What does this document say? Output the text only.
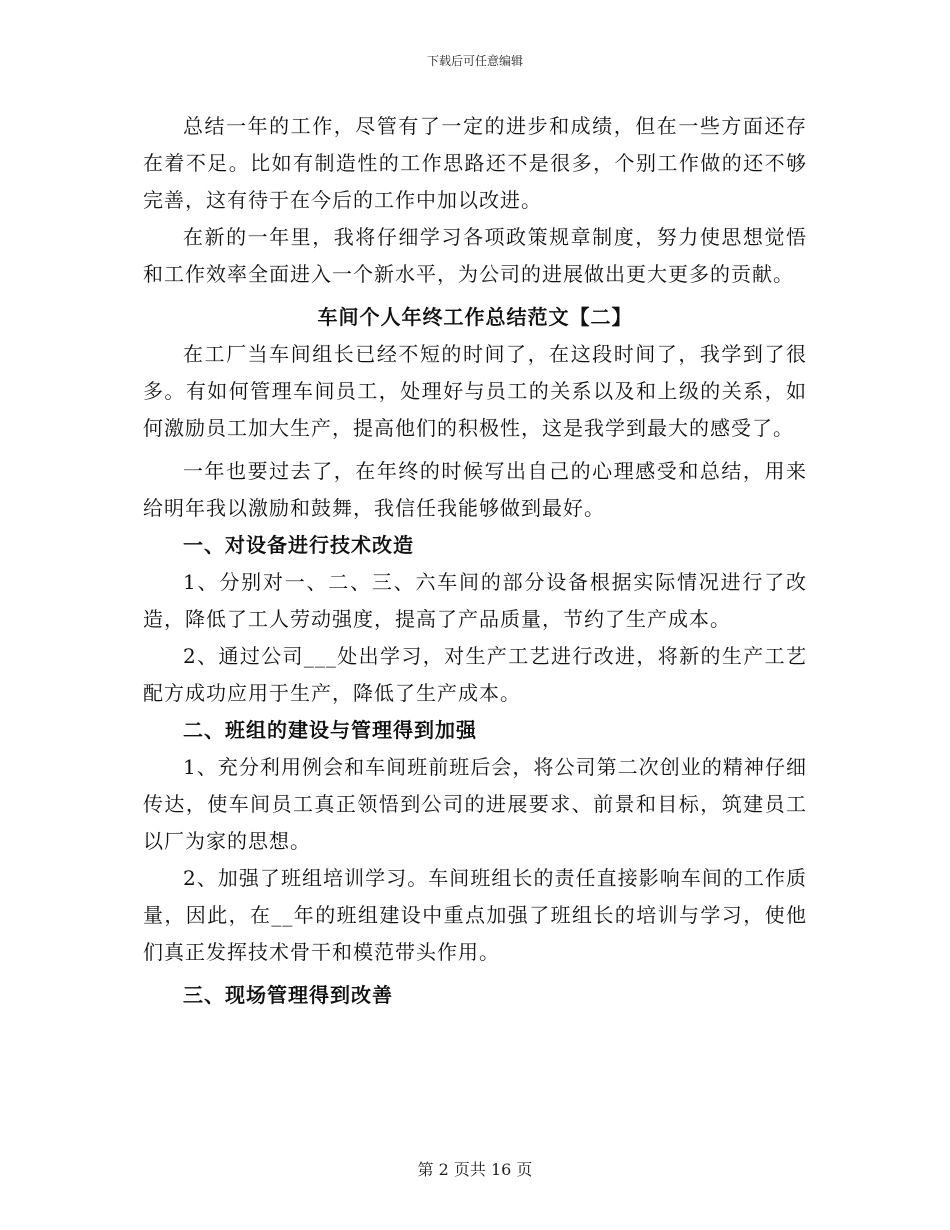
下载后可任意编辑

总结一年的工作，尽管有了一定的进步和成绩，但在一些方面还存在着不足。比如有制造性的工作思路还不是很多，个别工作做的还不够完善，这有待于在今后的工作中加以改进。

在新的一年里，我将仔细学习各项政策规章制度，努力使思想觉悟和工作效率全面进入一个新水平，为公司的进展做出更大更多的贡献。

车间个人年终工作总结范文【二】

在工厂当车间组长已经不短的时间了，在这段时间了，我学到了很多。有如何管理车间员工，处理好与员工的关系以及和上级的关系，如何激励员工加大生产，提高他们的积极性，这是我学到最大的感受了。

一年也要过去了，在年终的时候写出自己的心理感受和总结，用来给明年我以激励和鼓舞，我信任我能够做到最好。

一、对设备进行技术改造

1、分别对一、二、三、六车间的部分设备根据实际情况进行了改造，降低了工人劳动强度，提高了产品质量，节约了生产成本。

2、通过公司___处出学习，对生产工艺进行改进，将新的生产工艺配方成功应用于生产，降低了生产成本。

二、班组的建设与管理得到加强

1、充分利用例会和车间班前班后会，将公司第二次创业的精神仔细传达，使车间员工真正领悟到公司的进展要求、前景和目标，筑建员工以厂为家的思想。

2、加强了班组培训学习。车间班组长的责任直接影响车间的工作质量，因此，在__年的班组建设中重点加强了班组长的培训与学习，使他们真正发挥技术骨干和模范带头作用。

三、现场管理得到改善

第 2 页共 16 页
